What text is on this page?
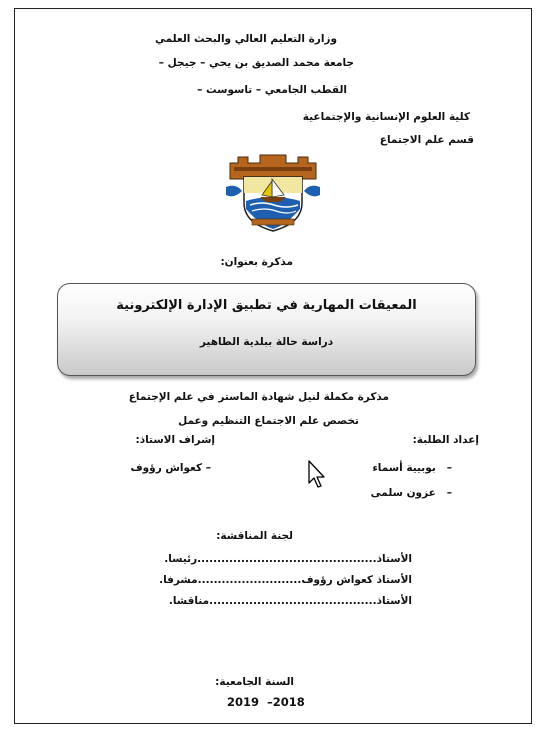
وزارة التعليم العالي والبحث العلمي
جامعة محمد الصديق بن يحي – جيجل –
القطب الجامعي – تاسوست –
كلية العلوم الإنسانية والإجتماعية
قسم علم الاجتماع
مذكرة بعنوان:
المعيقات المهارية في تطبيق الإدارة الإلكترونية
دراسة حالة ببلدية الطاهير
مذكرة مكملة لنيل شهادة الماستر في علم الإجتماع
تخصص علم الاجتماع التنظيم وعمل
إعداد الطلبة:
إشراف الاستاذ:
–   بوبيية أسماء
–   عزون سلمى
– كعواش رؤوف
لجنة المناقشة:
الأستاذ.............................................رئيسا.
الأستاذ كعواش رؤوف..........................مشرفا.
الأستاذ..........................................مناقشا.
السنة الجامعية:
2019  –2018
